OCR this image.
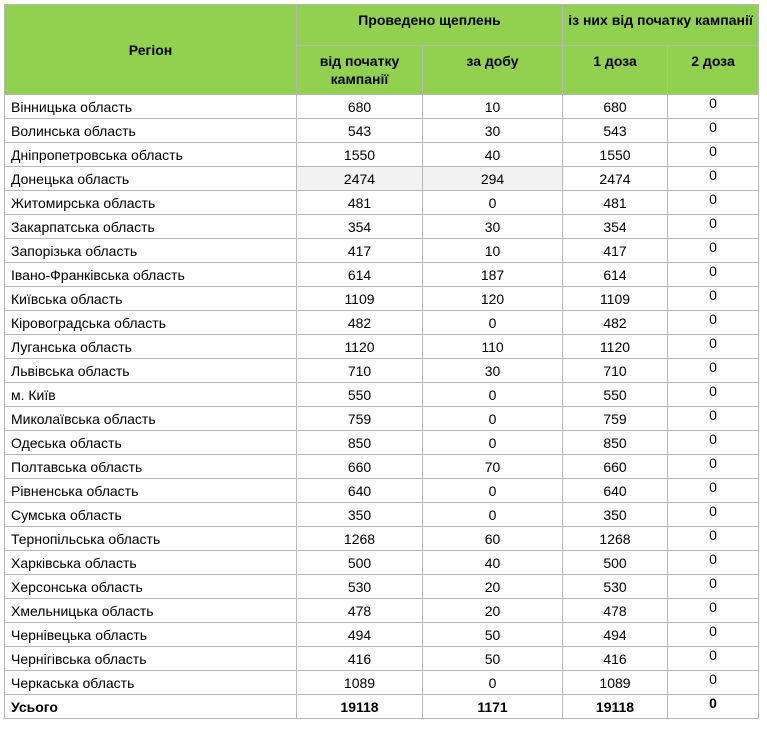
Регіон	Проведено щеплень		із них від початку кампанії	

	від початку кампанії	за добу	1 доза	2 доза

Вінницька область	680	10	680	0
Волинська область	543	30	543	0
Дніпропетровська область	1550	40	1550	0
Донецька область	2474	294	2474	0
Житомирська область	481	0	481	0
Закарпатська область	354	30	354	0
Запорізька область	417	10	417	0
Івано-Франківська область	614	187	614	0
Київська область	1109	120	1109	0
Кіровоградська область	482	0	482	0
Луганська область	1120	110	1120	0
Львівська область	710	30	710	0
м. Київ	550	0	550	0
Миколаївська область	759	0	759	0
Одеська область	850	0	850	0
Полтавська область	660	70	660	0
Рівненська область	640	0	640	0
Сумська область	350	0	350	0
Тернопільська область	1268	60	1268	0
Харківська область	500	40	500	0
Херсонська область	530	20	530	0
Хмельницька область	478	20	478	0
Чернівецька область	494	50	494	0
Чернігівська область	416	50	416	0
Черкаська область	1089	0	1089	0
Усього	19118	1171	19118	0
